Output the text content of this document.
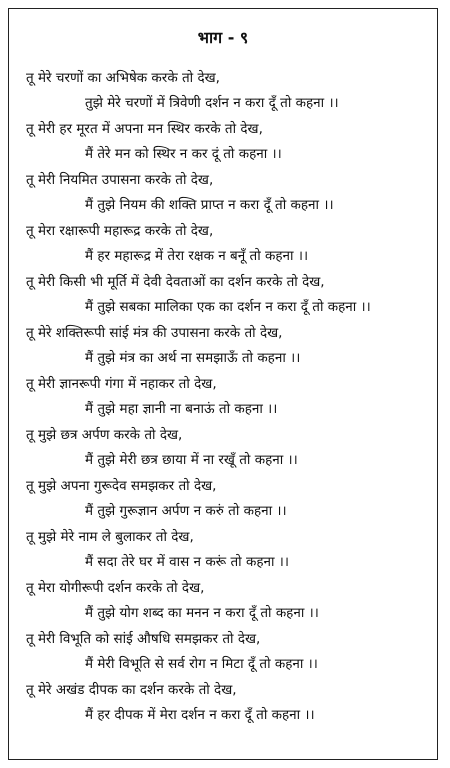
भाग - ९
तू मेरे चरणों का अभिषेक करके तो देख,
तुझे मेरे चरणों में त्रिवेणी दर्शन न करा दूँ तो कहना ।।
तू मेरी हर मूरत में अपना मन स्थिर करके तो देख,
मैं तेरे मन को स्थिर न कर दूं तो कहना ।।
तू मेरी नियमित उपासना करके तो देख,
मैं तुझे नियम की शक्ति प्राप्त न करा दूँ तो कहना ।।
तू मेरा रक्षारूपी महारूद्र करके तो देख,
मैं हर महारूद्र में तेरा रक्षक न बनूँ तो कहना ।।
तू मेरी किसी भी मूर्ति में देवी देवताओं का दर्शन करके तो देख,
मैं तुझे सबका मालिका एक का दर्शन न करा दूँ तो कहना ।।
तू मेरे शक्तिरूपी सांई मंत्र की उपासना करके तो देख,
मैं तुझे मंत्र का अर्थ ना समझाऊँ तो कहना ।।
तू मेरी ज्ञानरूपी गंगा में नहाकर तो देख,
मैं तुझे महा ज्ञानी ना बनाऊं तो कहना ।।
तू मुझे छत्र अर्पण करके तो देख,
मैं तुझे मेरी छत्र छाया में ना रखूँ तो कहना ।।
तू मुझे अपना गुरूदेव समझकर तो देख,
मैं तुझे गुरूज्ञान अर्पण न करुं तो कहना ।।
तू मुझे मेरे नाम ले बुलाकर तो देख,
मैं सदा तेरे घर में वास न करूं तो कहना ।।
तू मेरा योगीरूपी दर्शन करके तो देख,
मैं तुझे योग शब्द का मनन न करा दूँ तो कहना ।।
तू मेरी विभूति को सांई औषधि समझकर तो देख,
मैं मेरी विभूति से सर्व रोग न मिटा दूँ तो कहना ।।
तू मेरे अखंड दीपक का दर्शन करके तो देख,
मैं हर दीपक में मेरा दर्शन न करा दूँ तो कहना ।।
